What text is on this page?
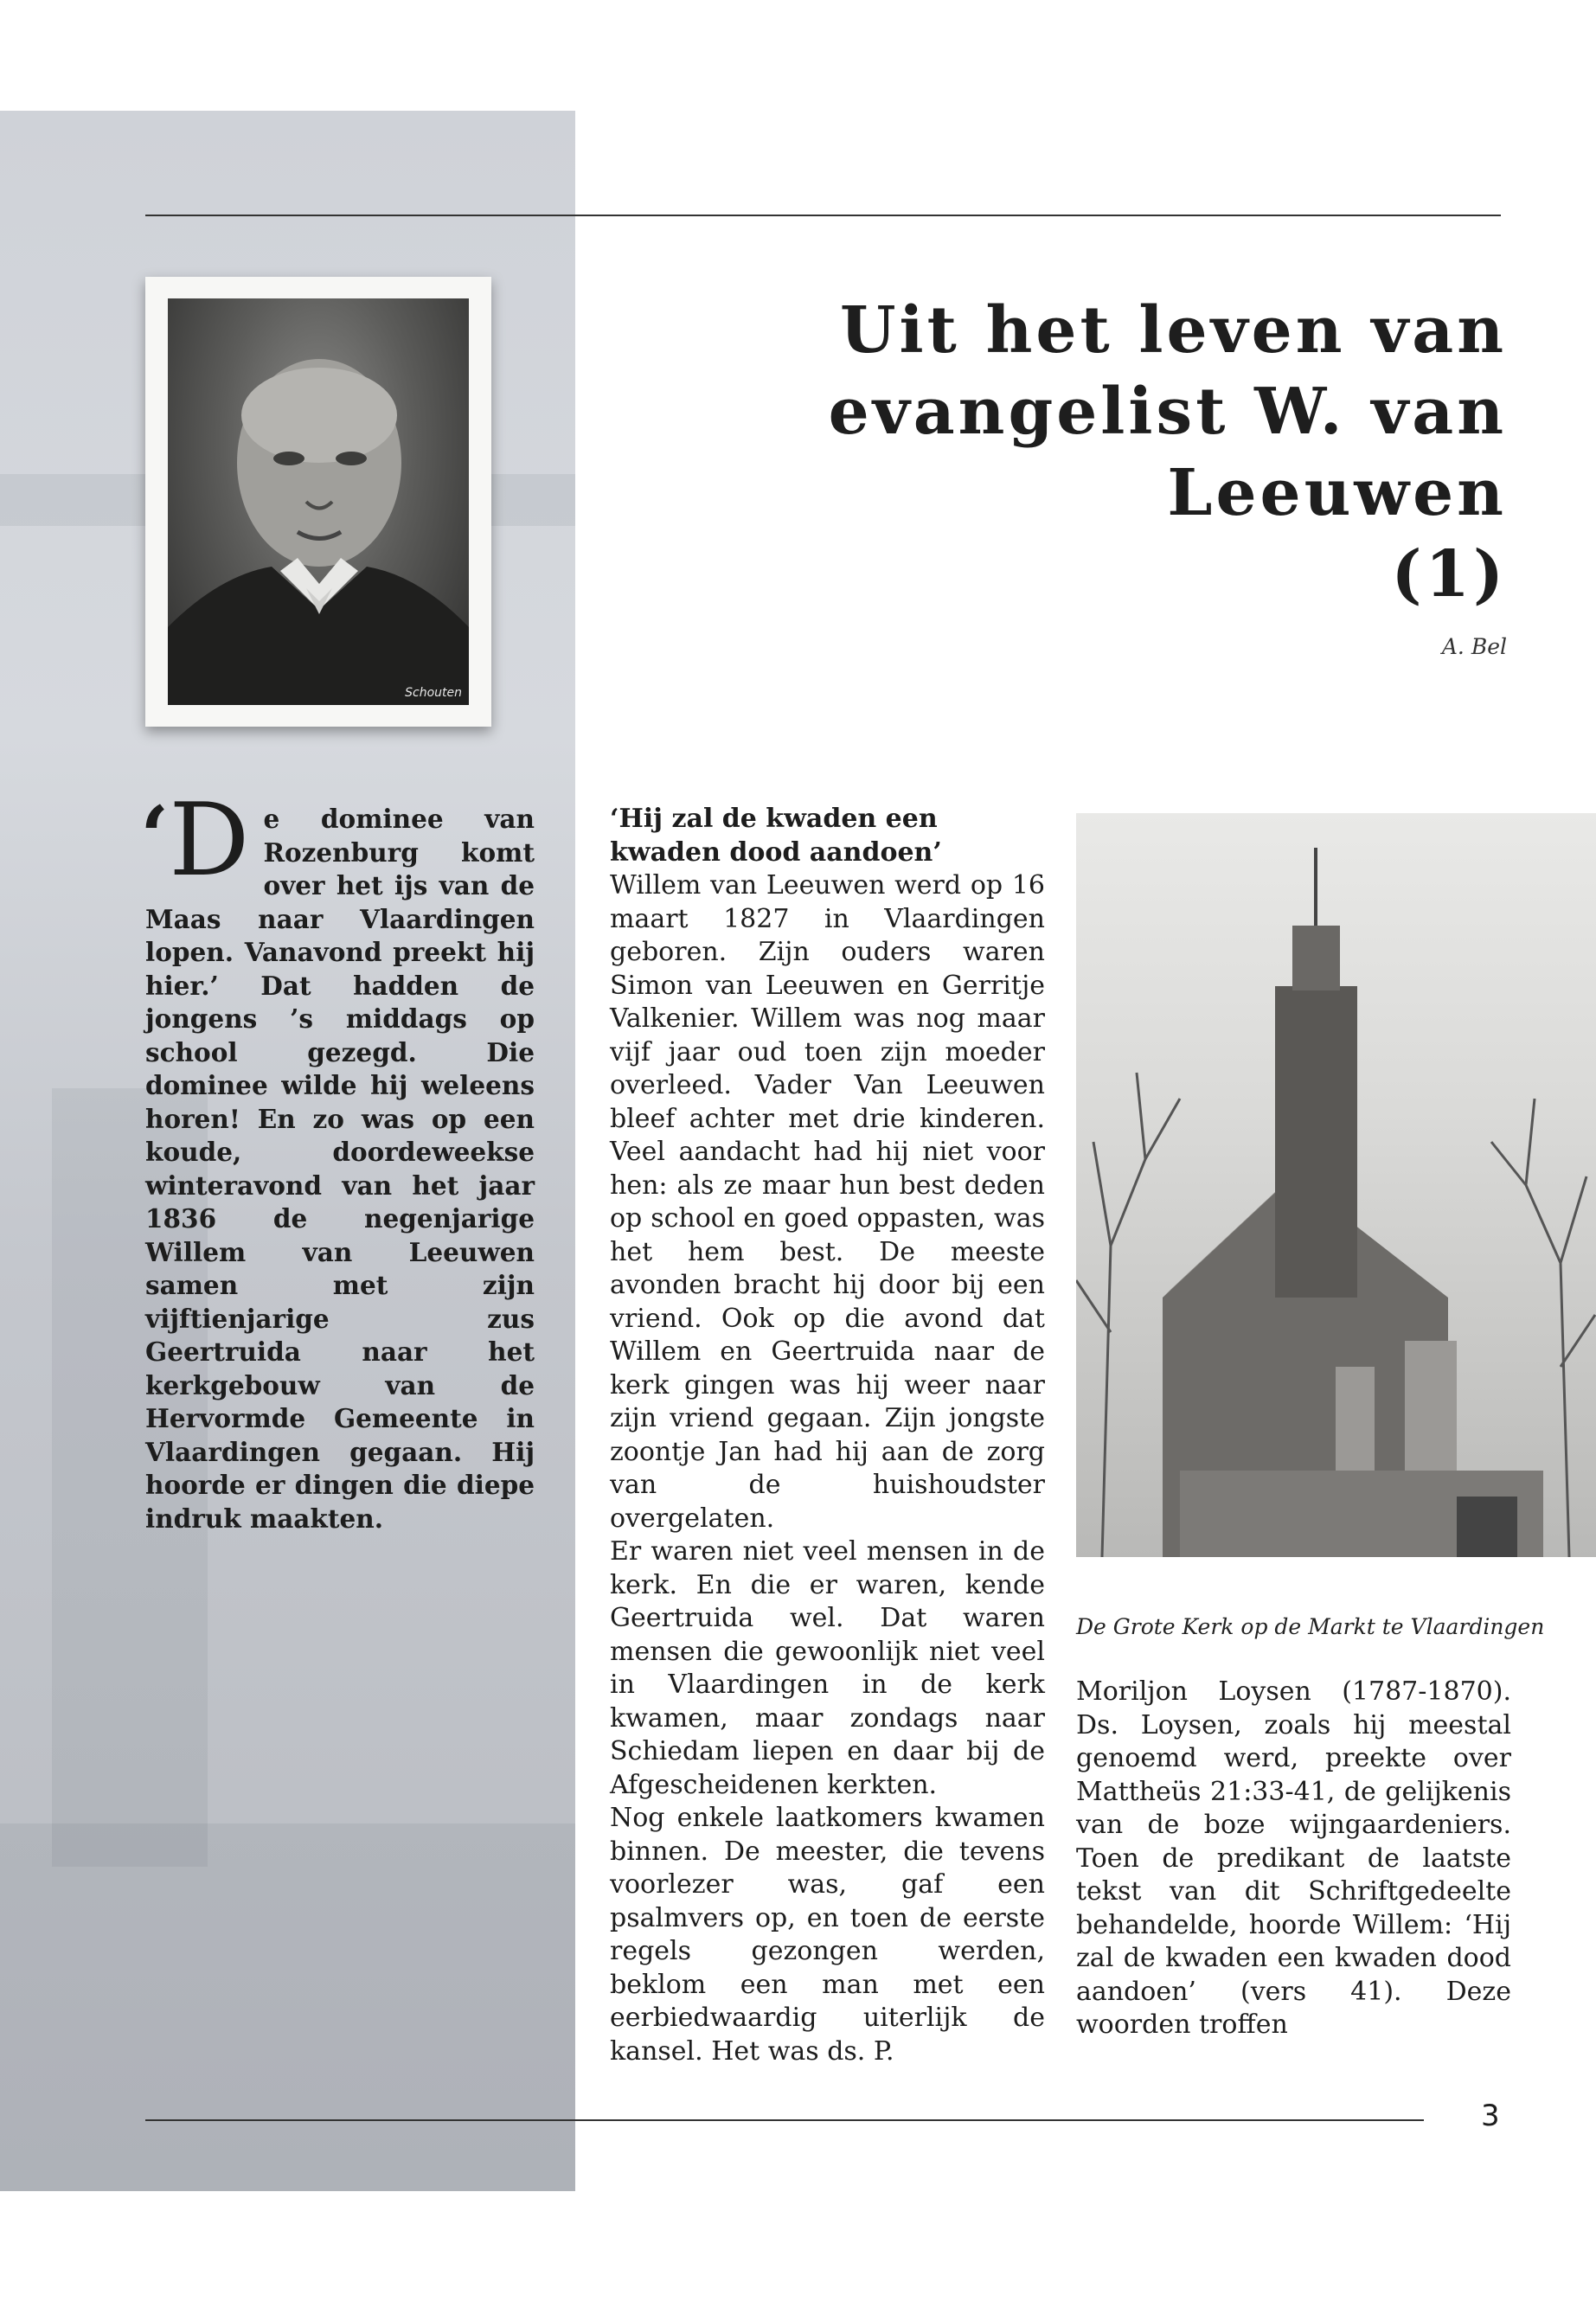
Uit het leven van
evangelist W. van Leeuwen
(1)
A. Bel
Schouten
‘ D e dominee van Rozenburg komt over het ijs van de Maas naar Vlaardingen lopen. Vanavond preekt hij hier.’ Dat hadden de jongens ’s middags op school gezegd. Die dominee wilde hij weleens horen! En zo was op een koude, doordeweekse winteravond van het jaar 1836 de negenjarige Willem van Leeuwen samen met zijn vijftienjarige zus Geertruida naar het kerkgebouw van de Hervormde Gemeente in Vlaardingen gegaan. Hij hoorde er dingen die diepe indruk maakten.

‘Hij zal de kwaden een kwaden dood aandoen’

Willem van Leeuwen werd op 16 maart 1827 in Vlaardingen geboren. Zijn ouders waren Simon van Leeuwen en Gerritje Valkenier. Willem was nog maar vijf jaar oud toen zijn moeder overleed. Vader Van Leeuwen bleef achter met drie kinderen. Veel aandacht had hij niet voor hen: als ze maar hun best deden op school en goed oppasten, was het hem best. De meeste avonden bracht hij door bij een vriend. Ook op die avond dat Willem en Geertruida naar de kerk gingen was hij weer naar zijn vriend gegaan. Zijn jongste zoontje Jan had hij aan de zorg van de huishoudster overgelaten.

Er waren niet veel mensen in de kerk. En die er waren, kende Geertruida wel. Dat waren mensen die gewoonlijk niet veel in Vlaardingen in de kerk kwamen, maar zondags naar Schiedam liepen en daar bij de Afgescheidenen kerkten.

Nog enkele laatkomers kwamen binnen. De meester, die tevens voorlezer was, gaf een psalmvers op, en toen de eerste regels gezongen werden, beklom een man met een eerbiedwaardig uiterlijk de kansel. Het was ds. P.

De Grote Kerk op de Markt te Vlaardingen

Moriljon Loysen (1787-1870). Ds. Loysen, zoals hij meestal genoemd werd, preekte over Mattheüs 21:33-41, de gelijkenis van de boze wijngaardeniers. Toen de predikant de laatste tekst van dit Schriftgedeelte behandelde, hoorde Willem: ‘Hij zal de kwaden een kwaden dood aandoen’ (vers 41). Deze woorden troffen

3
